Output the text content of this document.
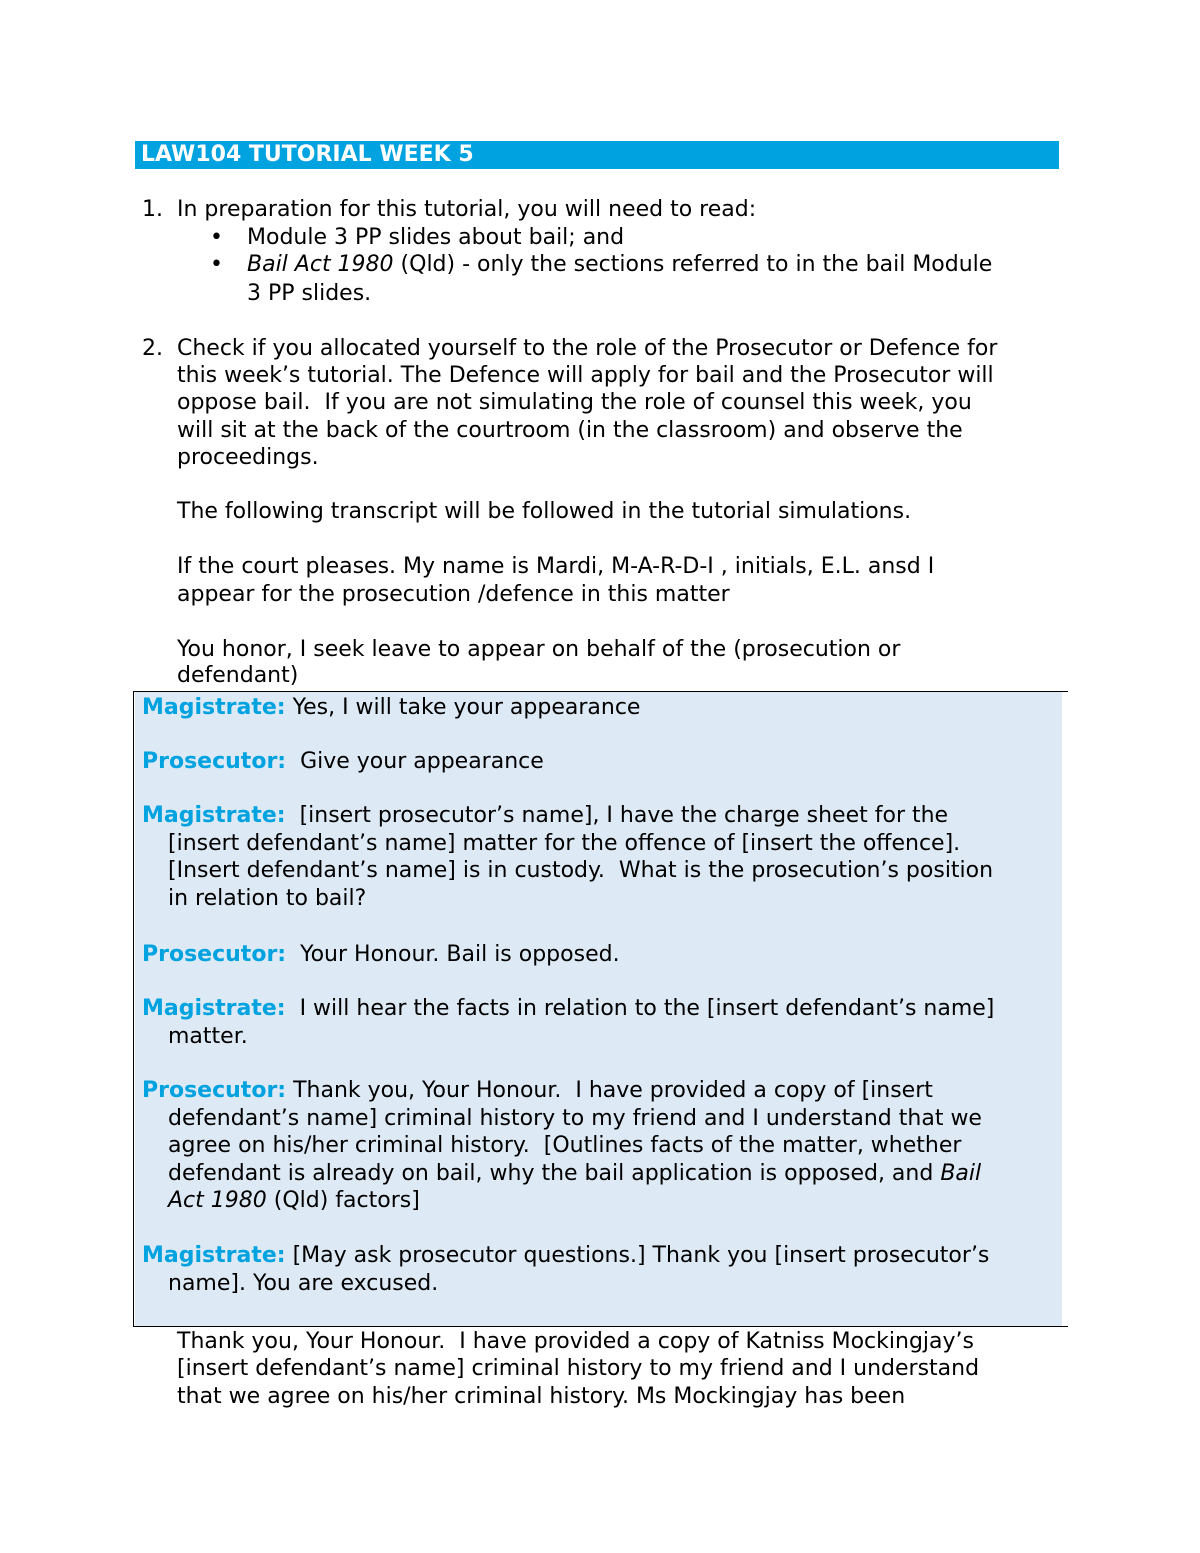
LAW104 TUTORIAL WEEK 5
1. In preparation for this tutorial, you will need to read:
• Module 3 PP slides about bail; and
• Bail Act 1980 (Qld) - only the sections referred to in the bail Module
3 PP slides.
2. Check if you allocated yourself to the role of the Prosecutor or Defence for
this week’s tutorial. The Defence will apply for bail and the Prosecutor will
oppose bail.  If you are not simulating the role of counsel this week, you
will sit at the back of the courtroom (in the classroom) and observe the
proceedings.
The following transcript will be followed in the tutorial simulations.
If the court pleases. My name is Mardi, M-A-R-D-I , initials, E.L. ansd I
appear for the prosecution /defence in this matter
You honor, I seek leave to appear on behalf of the (prosecution or
defendant)
Magistrate: Yes, I will take your appearance
Prosecutor:  Give your appearance
Magistrate:  [insert prosecutor’s name], I have the charge sheet for the
[insert defendant’s name] matter for the offence of [insert the offence].
[Insert defendant’s name] is in custody.  What is the prosecution’s position
in relation to bail?
Prosecutor:  Your Honour. Bail is opposed.
Magistrate:  I will hear the facts in relation to the [insert defendant’s name]
matter.
Prosecutor: Thank you, Your Honour.  I have provided a copy of [insert
defendant’s name] criminal history to my friend and I understand that we
agree on his/her criminal history.  [Outlines facts of the matter, whether
defendant is already on bail, why the bail application is opposed, and Bail
Act 1980 (Qld) factors]
Magistrate: [May ask prosecutor questions.] Thank you [insert prosecutor’s
name]. You are excused.
Thank you, Your Honour.  I have provided a copy of Katniss Mockingjay’s
[insert defendant’s name] criminal history to my friend and I understand
that we agree on his/her criminal history. Ms Mockingjay has been
